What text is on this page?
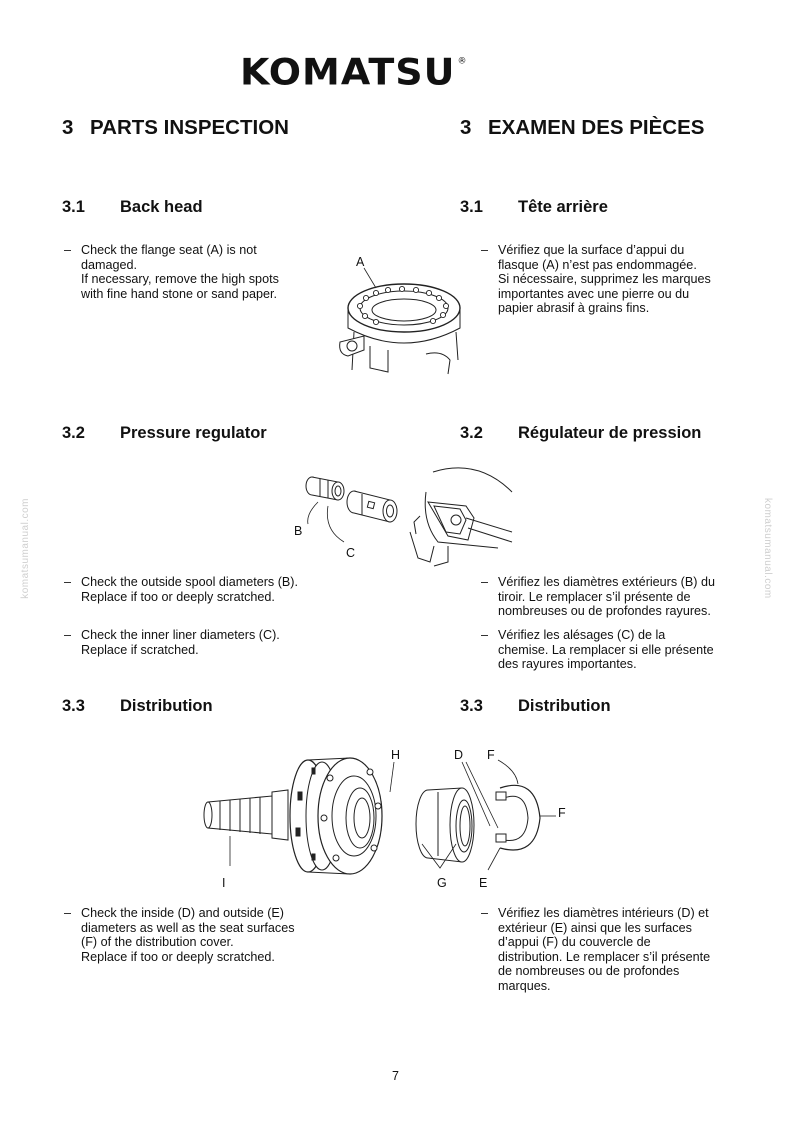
KOMATSU ®
komatsumanual.com	komatsumanual.com
3 PARTS INSPECTION	3 EXAMEN DES PIÈCES
3.1 Back head	3.1 Tête arrière
– Check the flange seat (A) is not
damaged.
If necessary, remove the high spots
with fine hand stone or sand paper.
– Vérifiez que la surface d’appui du
flasque (A) n’est pas endommagée.
Si nécessaire, supprimez les marques
importantes avec une pierre ou du
papier abrasif à grains fins.
A
3.2 Pressure regulator	3.2 Régulateur de pression
B
C
– Check the outside spool diameters (B).
Replace if too or deeply scratched.
– Check the inner liner diameters (C).
Replace if scratched.
– Vérifiez les diamètres extérieurs (B) du
tiroir. Le remplacer s’il présente de
nombreuses ou de profondes rayures.
– Vérifiez les alésages (C) de la
chemise. La remplacer si elle présente
des rayures importantes.
3.3 Distribution	3.3 Distribution
H	D F
F
I	G	E
– Check the inside (D) and outside (E)
diameters as well as the seat surfaces
(F) of the distribution cover.
Replace if too or deeply scratched.
– Vérifiez les diamètres intérieurs (D) et
extérieur (E) ainsi que les surfaces
d’appui (F) du couvercle de
distribution. Le remplacer s’il présente
de nombreuses ou de profondes
marques.
7
